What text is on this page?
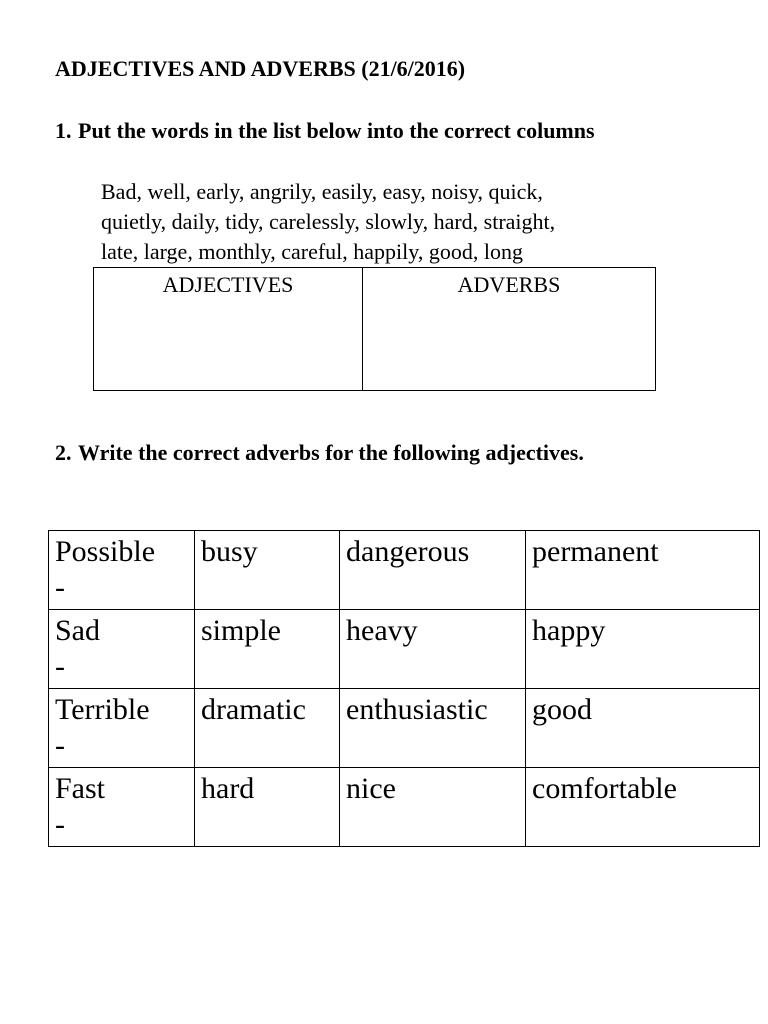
ADJECTIVES AND ADVERBS (21/6/2016)
1. Put the words in the list below into the correct columns
Bad, well, early, angrily, easily, easy, noisy, quick,
quietly, daily, tidy, carelessly, slowly, hard, straight,
late, large, monthly, careful, happily, good, long
ADJECTIVES	ADVERBS
2. Write the correct adverbs for the following adjectives.
Possible
-	busy	dangerous	permanent
Sad
-	simple	heavy	happy
Terrible
-	dramatic	enthusiastic	good
Fast
-	hard	nice	comfortable
